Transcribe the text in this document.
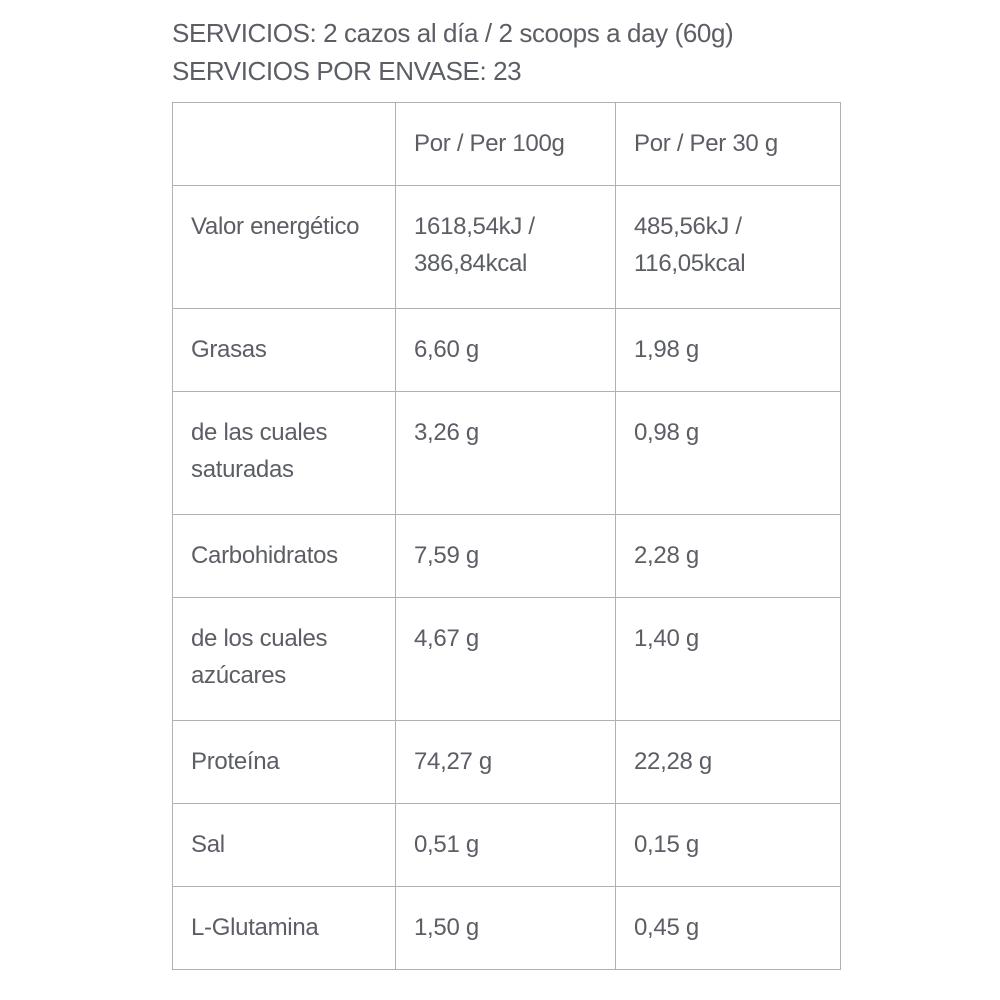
SERVICIOS: 2 cazos al día / 2 scoops a day (60g)
SERVICIOS POR ENVASE: 23
	Por / Per 100g	Por / Per 30 g
Valor energético	1618,54kJ / 386,84kcal	485,56kJ / 116,05kcal
Grasas	6,60 g	1,98 g
de las cuales saturadas	3,26 g	0,98 g
Carbohidratos	7,59 g	2,28 g
de los cuales azúcares	4,67 g	1,40 g
Proteína	74,27 g	22,28 g
Sal	0,51 g	0,15 g
L-Glutamina	1,50 g	0,45 g
